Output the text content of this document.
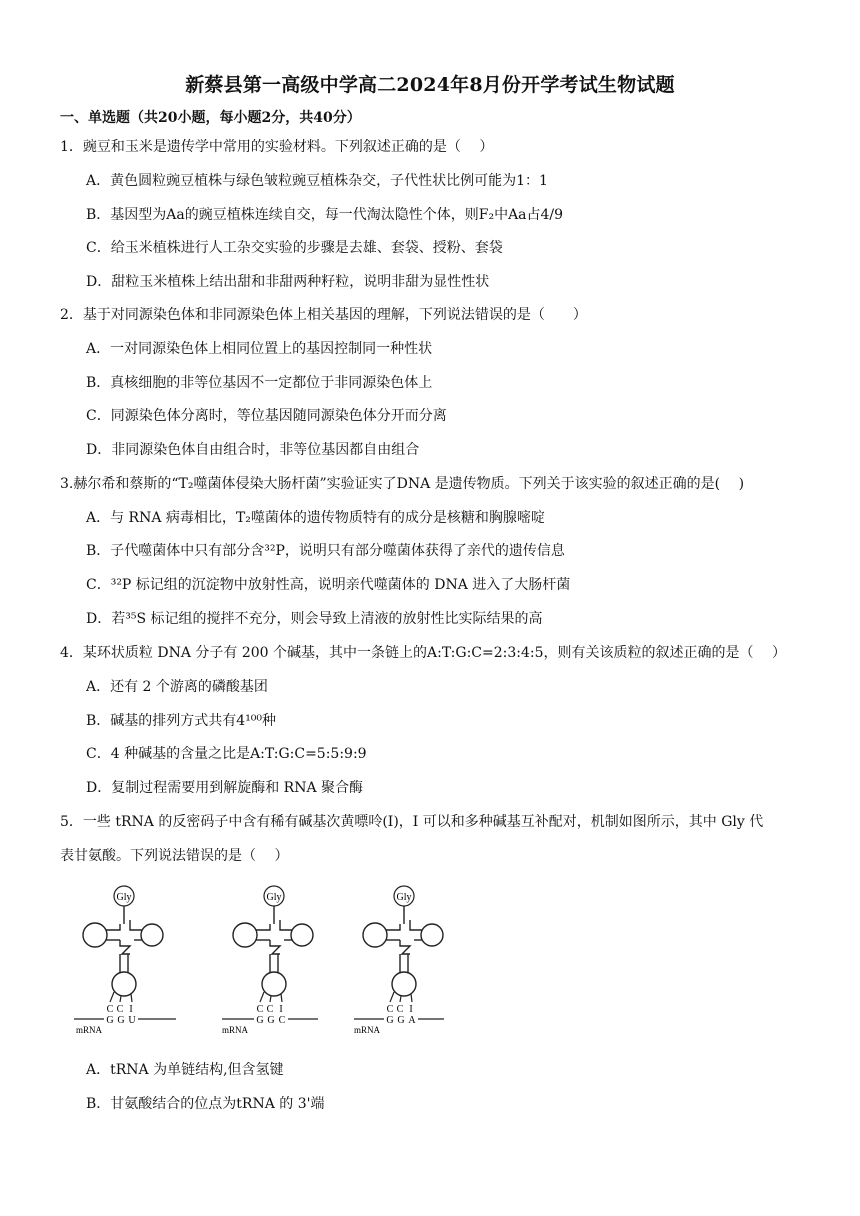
新蔡县第一高级中学高二2024年8月份开学考试生物试题
一、单选题（共20小题，每小题2分，共40分）
1．豌豆和玉米是遗传学中常用的实验材料。下列叙述正确的是（　 ）
A．黄色圆粒豌豆植株与绿色皱粒豌豆植株杂交，子代性状比例可能为1：1
B．基因型为Aa的豌豆植株连续自交，每一代淘汰隐性个体，则F₂中Aa占4/9
C．给玉米植株进行人工杂交实验的步骤是去雄、套袋、授粉、套袋
D．甜粒玉米植株上结出甜和非甜两种籽粒，说明非甜为显性性状
2．基于对同源染色体和非同源染色体上相关基因的理解，下列说法错误的是（　　）
A．一对同源染色体上相同位置上的基因控制同一种性状
B．真核细胞的非等位基因不一定都位于非同源染色体上
C．同源染色体分离时，等位基因随同源染色体分开而分离
D．非同源染色体自由组合时，非等位基因都自由组合
3.赫尔希和蔡斯的“T₂噬菌体侵染大肠杆菌”实验证实了DNA 是遗传物质。下列关于该实验的叙述正确的是(　 )
A．与 RNA 病毒相比，T₂噬菌体的遗传物质特有的成分是核糖和胸腺嘧啶
B．子代噬菌体中只有部分含³²P，说明只有部分噬菌体获得了亲代的遗传信息
C．³²P 标记组的沉淀物中放射性高，说明亲代噬菌体的 DNA 进入了大肠杆菌
D．若³⁵S 标记组的搅拌不充分，则会导致上清液的放射性比实际结果的高
4．某环状质粒 DNA 分子有 200 个碱基，其中一条链上的A:T:G:C=2:3:4:5，则有关该质粒的叙述正确的是（　 ）
A．还有 2 个游离的磷酸基团
B．碱基的排列方式共有4¹⁰⁰种
C．4 种碱基的含量之比是A:T:G:C=5:5:9:9
D．复制过程需要用到解旋酶和 RNA 聚合酶
5．一些 tRNA 的反密码子中含有稀有碱基次黄嘌呤(I)，I 可以和多种碱基互补配对，机制如图所示，其中 Gly 代
表甘氨酸。下列说法错误的是（　 ）
Gly
C C I
G G U
mRNA
Gly
C C I
G G C
mRNA
Gly
C C I
G G A
mRNA
A．tRNA 为单链结构,但含氢键
B．甘氨酸结合的位点为tRNA 的 3'端
